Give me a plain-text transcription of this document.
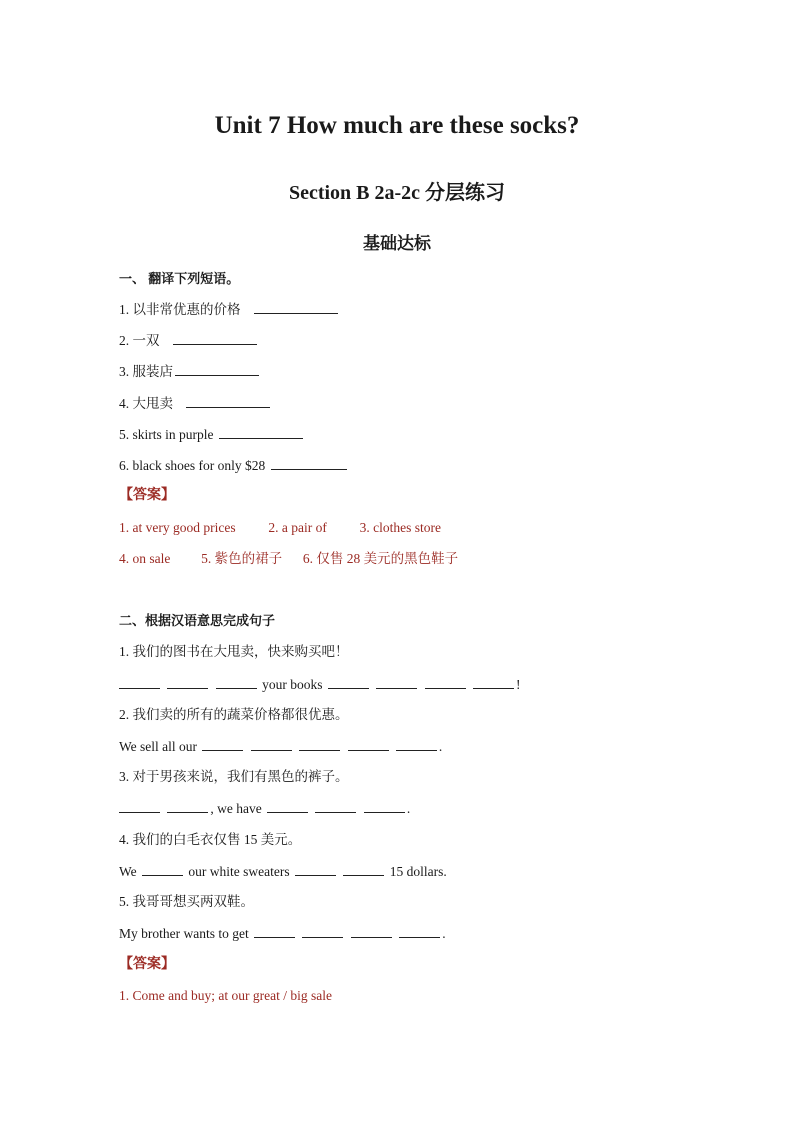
Unit 7 How much are these socks?
Section B 2a-2c 分层练习
基础达标
一、 翻译下列短语。
1. 以非常优惠的价格
2. 一双
3. 服装店
4. 大甩卖
5. skirts in purple
6. black shoes for only $28
【答案】
1. at very good prices 2. a pair of 3. clothes store
4. on sale 5. 紫色的裙子 6. 仅售 28 美元的黑色鞋子
二、根据汉语意思完成句子
1. 我们的图书在大甩卖，快来购买吧！
your books	!
2. 我们卖的所有的蔬菜价格都很优惠。
We sell all our	.
3. 对于男孩来说，我们有黑色的裤子。
, we have	.
4. 我们的白毛衣仅售 15 美元。
We	our white sweaters	15 dollars.
5. 我哥哥想买两双鞋。
My brother wants to get	.
【答案】
1. Come and buy; at our great / big sale
